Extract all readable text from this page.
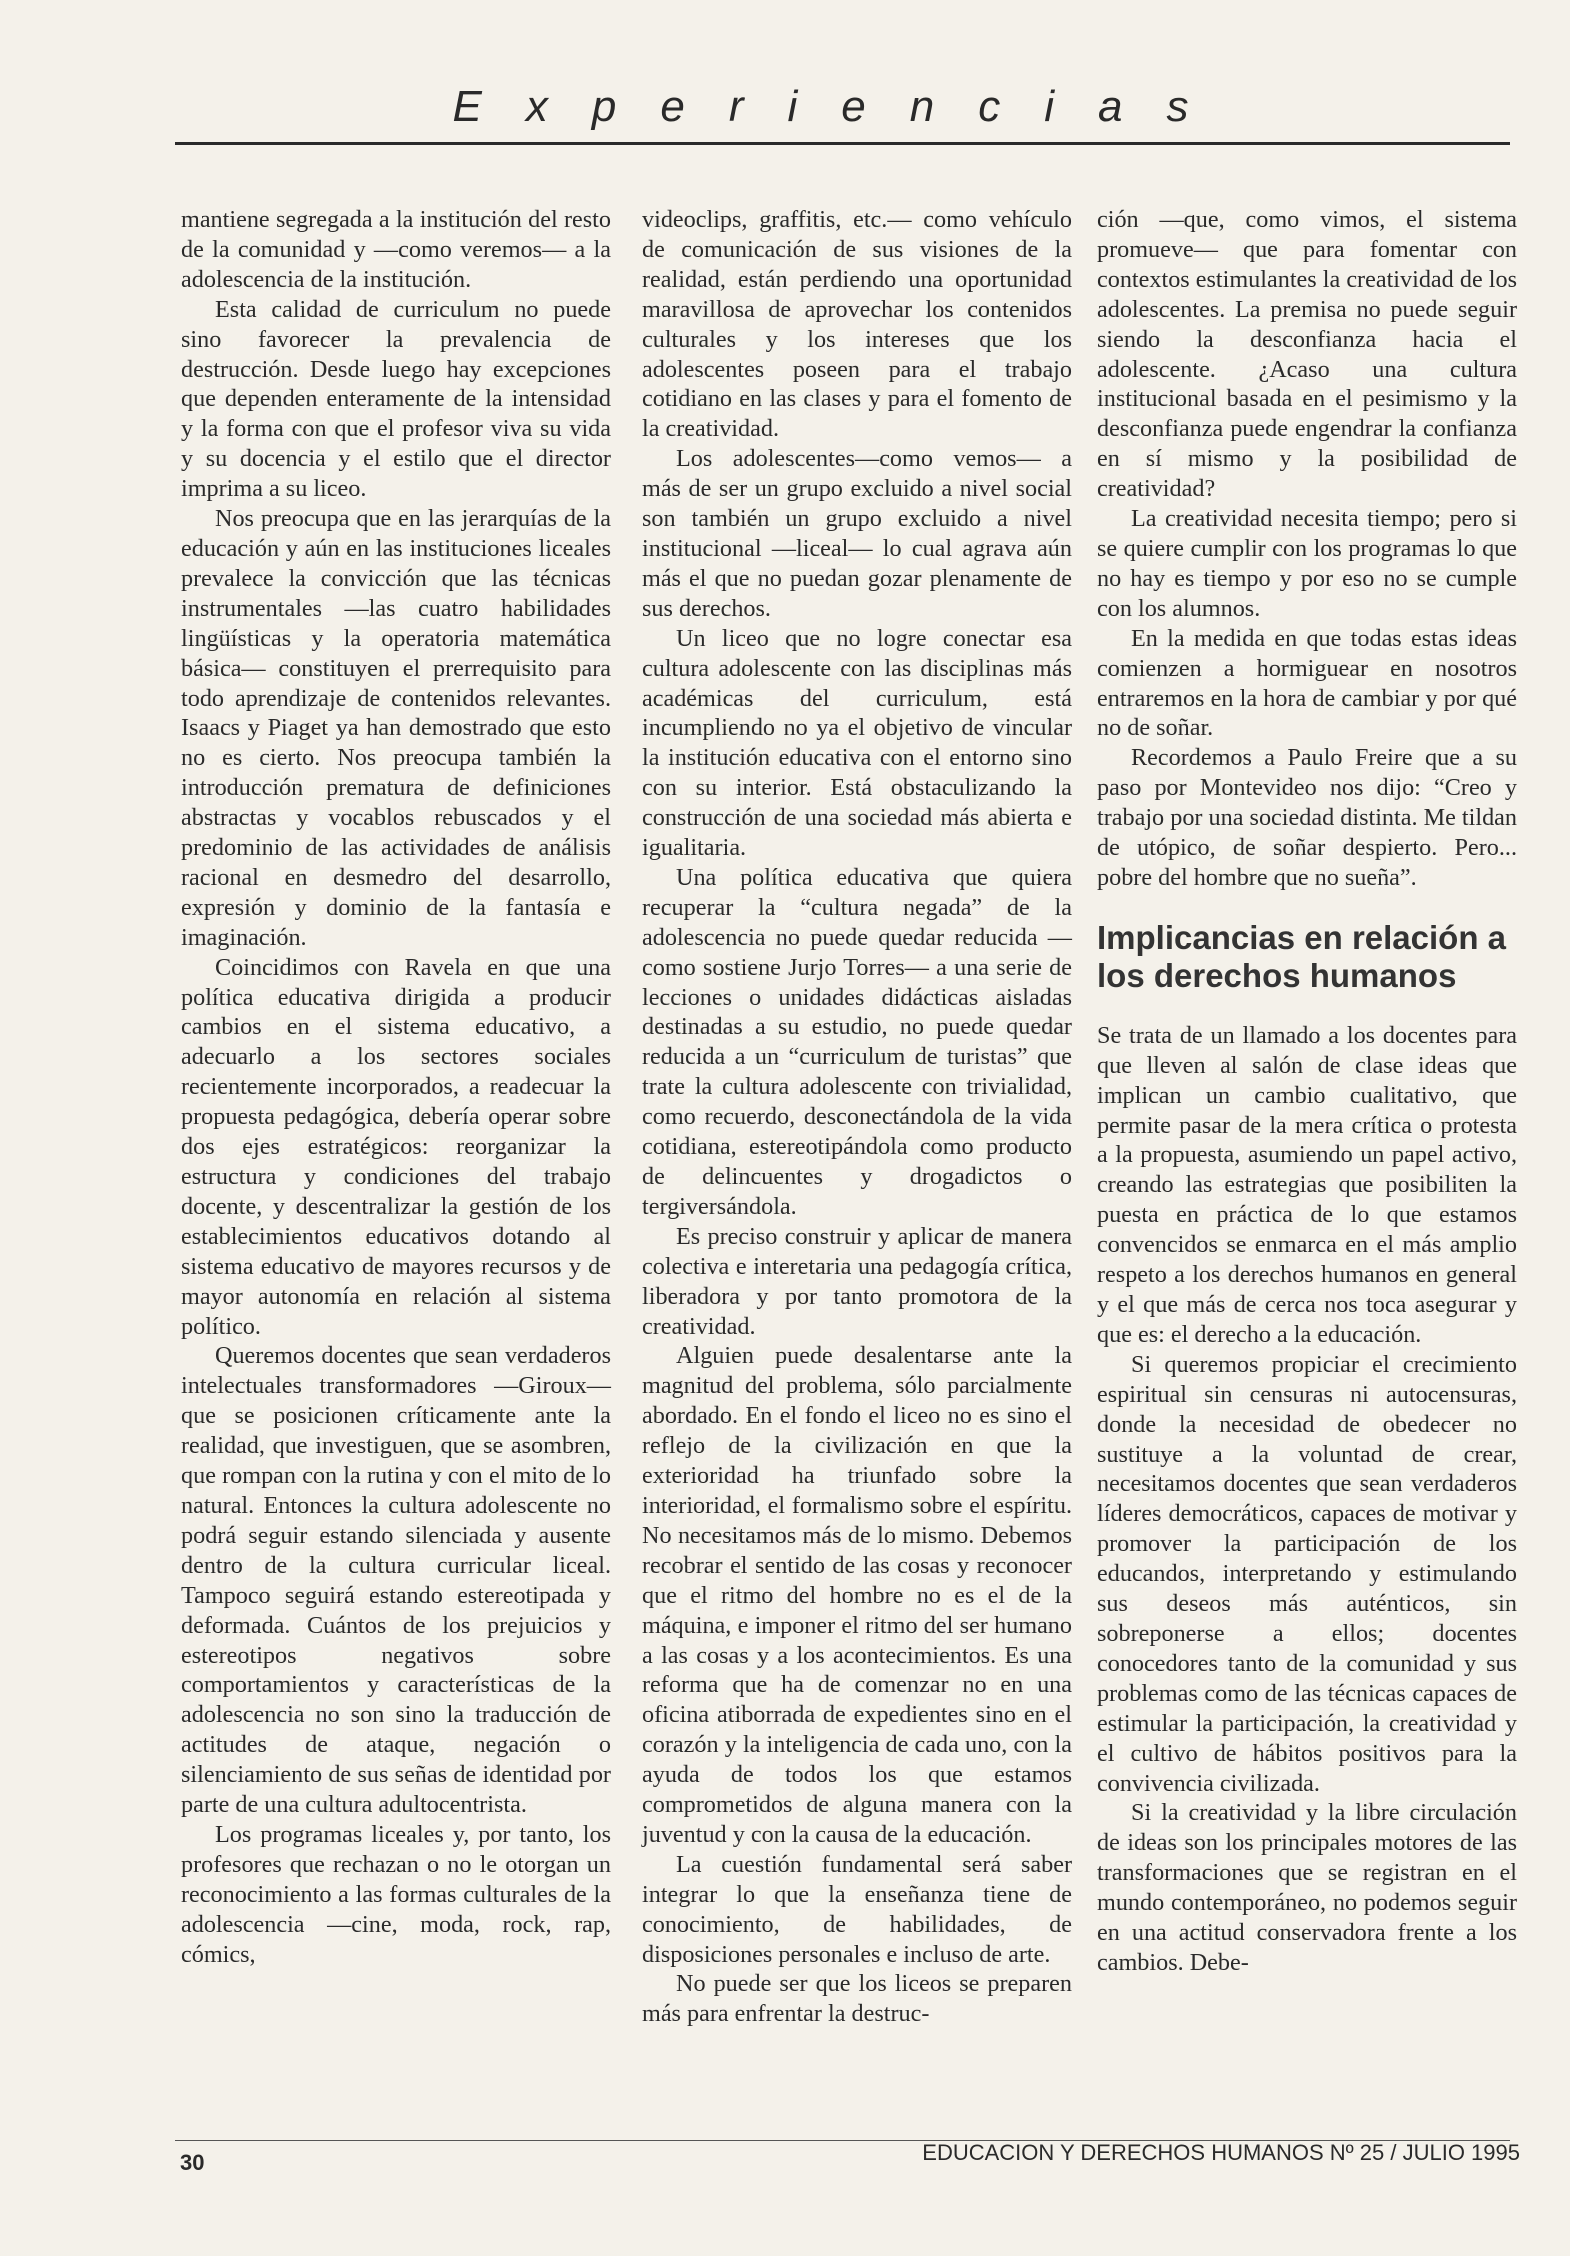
Experiencias

mantiene segregada a la institución del resto de la comunidad y —como veremos— a la adolescencia de la institución.

Esta calidad de curriculum no puede sino favorecer la prevalencia de destrucción. Desde luego hay excepciones que dependen enteramente de la intensidad y la forma con que el profesor viva su vida y su docencia y el estilo que el director imprima a su liceo.

Nos preocupa que en las jerarquías de la educación y aún en las instituciones liceales prevalece la convicción que las técnicas instrumentales —las cuatro habilidades lingüísticas y la operatoria matemática básica— constituyen el prerrequisito para todo aprendizaje de contenidos relevantes. Isaacs y Piaget ya han demostrado que esto no es cierto. Nos preocupa también la introducción prematura de definiciones abstractas y vocablos rebuscados y el predominio de las actividades de análisis racional en desmedro del desarrollo, expresión y dominio de la fantasía e imaginación.

Coincidimos con Ravela en que una política educativa dirigida a producir cambios en el sistema educativo, a adecuarlo a los sectores sociales recientemente incorporados, a readecuar la propuesta pedagógica, debería operar sobre dos ejes estratégicos: reorganizar la estructura y condiciones del trabajo docente, y descentralizar la gestión de los establecimientos educativos dotando al sistema educativo de mayores recursos y de mayor autonomía en relación al sistema político.

Queremos docentes que sean verdaderos intelectuales transformadores —Giroux— que se posicionen críticamente ante la realidad, que investiguen, que se asombren, que rompan con la rutina y con el mito de lo natural. Entonces la cultura adolescente no podrá seguir estando silenciada y ausente dentro de la cultura curricular liceal. Tampoco seguirá estando estereotipada y deformada. Cuántos de los prejuicios y estereotipos negativos sobre comportamientos y características de la adolescencia no son sino la traducción de actitudes de ataque, negación o silenciamiento de sus señas de identidad por parte de una cultura adultocentrista.

Los programas liceales y, por tanto, los profesores que rechazan o no le otorgan un reconocimiento a las formas culturales de la adolescencia —cine, moda, rock, rap, cómics,

videoclips, graffitis, etc.— como vehículo de comunicación de sus visiones de la realidad, están perdiendo una oportunidad maravillosa de aprovechar los contenidos culturales y los intereses que los adolescentes poseen para el trabajo cotidiano en las clases y para el fomento de la creatividad.

Los adolescentes—como vemos— a más de ser un grupo excluido a nivel social son también un grupo excluido a nivel institucional —liceal— lo cual agrava aún más el que no puedan gozar plenamente de sus derechos.

Un liceo que no logre conectar esa cultura adolescente con las disciplinas más académicas del curriculum, está incumpliendo no ya el objetivo de vincular la institución educativa con el entorno sino con su interior. Está obstaculizando la construcción de una sociedad más abierta e igualitaria.

Una política educativa que quiera recuperar la “cultura negada” de la adolescencia no puede quedar reducida —como sostiene Jurjo Torres— a una serie de lecciones o unidades didácticas aisladas destinadas a su estudio, no puede quedar reducida a un “curriculum de turistas” que trate la cultura adolescente con trivialidad, como recuerdo, desconectándola de la vida cotidiana, estereotipándola como producto de delincuentes y drogadictos o tergiversándola.

Es preciso construir y aplicar de manera colectiva e interetaria una pedagogía crítica, liberadora y por tanto promotora de la creatividad.

Alguien puede desalentarse ante la magnitud del problema, sólo parcialmente abordado. En el fondo el liceo no es sino el reflejo de la civilización en que la exterioridad ha triunfado sobre la interioridad, el formalismo sobre el espíritu. No necesitamos más de lo mismo. Debemos recobrar el sentido de las cosas y reconocer que el ritmo del hombre no es el de la máquina, e imponer el ritmo del ser humano a las cosas y a los acontecimientos. Es una reforma que ha de comenzar no en una oficina atiborrada de expedientes sino en el corazón y la inteligencia de cada uno, con la ayuda de todos los que estamos comprometidos de alguna manera con la juventud y con la causa de la educación.

La cuestión fundamental será saber integrar lo que la enseñanza tiene de conocimiento, de habilidades, de disposiciones personales e incluso de arte.

No puede ser que los liceos se preparen más para enfrentar la destruc-

ción —que, como vimos, el sistema promueve— que para fomentar con contextos estimulantes la creatividad de los adolescentes. La premisa no puede seguir siendo la desconfianza hacia el adolescente. ¿Acaso una cultura institucional basada en el pesimismo y la desconfianza puede engendrar la confianza en sí mismo y la posibilidad de creatividad?

La creatividad necesita tiempo; pero si se quiere cumplir con los programas lo que no hay es tiempo y por eso no se cumple con los alumnos.

En la medida en que todas estas ideas comienzen a hormiguear en nosotros entraremos en la hora de cambiar y por qué no de soñar.

Recordemos a Paulo Freire que a su paso por Montevideo nos dijo: “Creo y trabajo por una sociedad distinta. Me tildan de utópico, de soñar despierto. Pero... pobre del hombre que no sueña”.

Implicancias en relación a los derechos humanos

Se trata de un llamado a los docentes para que lleven al salón de clase ideas que implican un cambio cualitativo, que permite pasar de la mera crítica o protesta a la propuesta, asumiendo un papel activo, creando las estrategias que posibiliten la puesta en práctica de lo que estamos convencidos se enmarca en el más amplio respeto a los derechos humanos en general y el que más de cerca nos toca asegurar y que es: el derecho a la educación.

Si queremos propiciar el crecimiento espiritual sin censuras ni autocensuras, donde la necesidad de obedecer no sustituye a la voluntad de crear, necesitamos docentes que sean verdaderos líderes democráticos, capaces de motivar y promover la participación de los educandos, interpretando y estimulando sus deseos más auténticos, sin sobreponerse a ellos; docentes conocedores tanto de la comunidad y sus problemas como de las técnicas capaces de estimular la participación, la creatividad y el cultivo de hábitos positivos para la convivencia civilizada.

Si la creatividad y la libre circulación de ideas son los principales motores de las transformaciones que se registran en el mundo contemporáneo, no podemos seguir en una actitud conservadora frente a los cambios. Debe-

30	EDUCACION Y DERECHOS HUMANOS Nº 25 / JULIO 1995
